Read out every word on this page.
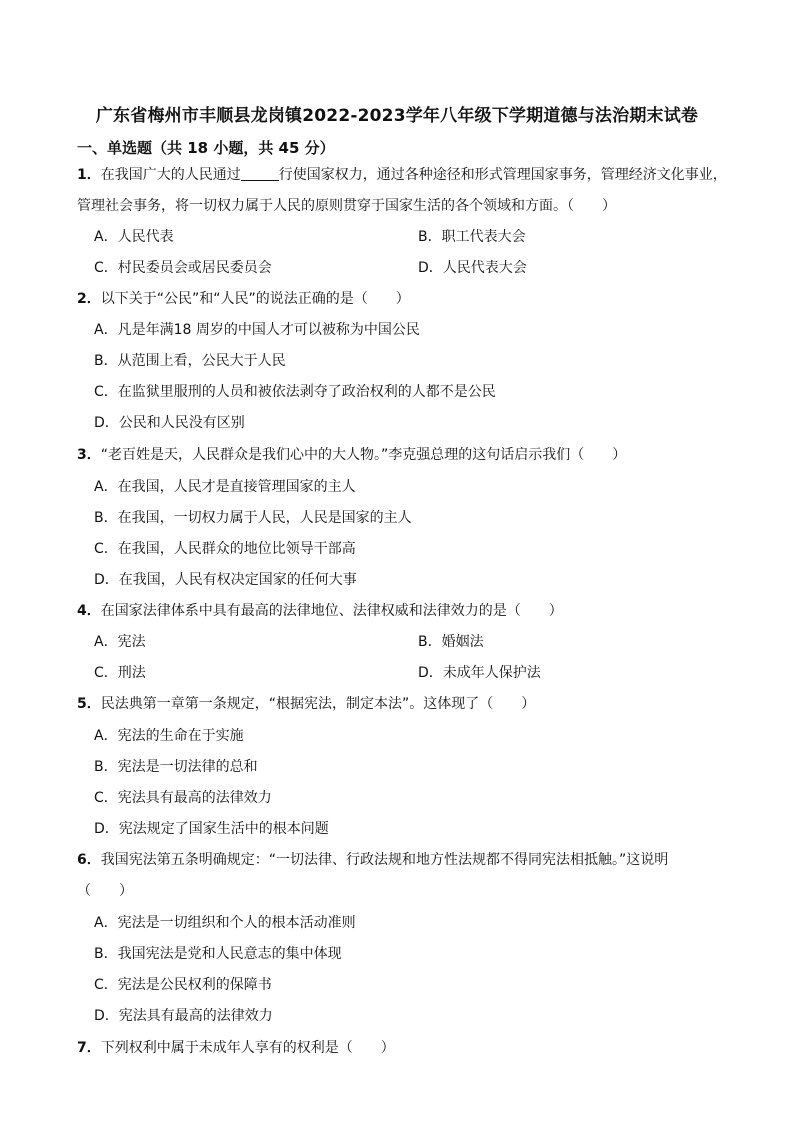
广东省梅州市丰顺县龙岗镇2022-2023学年八年级下学期道德与法治期末试卷
一、单选题（共 18 小题，共 45 分）
1．在我国广大的人民通过	行使国家权力，通过各种途径和形式管理国家事务，管理经济文化事业，
管理社会事务，将一切权力属于人民的原则贯穿于国家生活的各个领域和方面。（　　）
A．人民代表	B．职工代表大会
C．村民委员会或居民委员会	D．人民代表大会
2．以下关于“公民”和“人民”的说法正确的是（　　）
A．凡是年满18 周岁的中国人才可以被称为中国公民
B．从范围上看，公民大于人民
C．在监狱里服刑的人员和被依法剥夺了政治权利的人都不是公民
D．公民和人民没有区别
3．“老百姓是天，人民群众是我们心中的大人物。”李克强总理的这句话启示我们（　　）
A．在我国，人民才是直接管理国家的主人
B．在我国，一切权力属于人民，人民是国家的主人
C．在我国，人民群众的地位比领导干部高
D．在我国，人民有权决定国家的任何大事
4．在国家法律体系中具有最高的法律地位、法律权威和法律效力的是（　　）
A．宪法	B．婚姻法
C．刑法	D．未成年人保护法
5．民法典第一章第一条规定，“根据宪法，制定本法”。这体现了（　　）
A．宪法的生命在于实施
B．宪法是一切法律的总和
C．宪法具有最高的法律效力
D．宪法规定了国家生活中的根本问题
6．我国宪法第五条明确规定：“一切法律、行政法规和地方性法规都不得同宪法相抵触。”这说明
（　　）
A．宪法是一切组织和个人的根本活动准则
B．我国宪法是党和人民意志的集中体现
C．宪法是公民权利的保障书
D．宪法具有最高的法律效力
7．下列权利中属于未成年人享有的权利是（　　）
